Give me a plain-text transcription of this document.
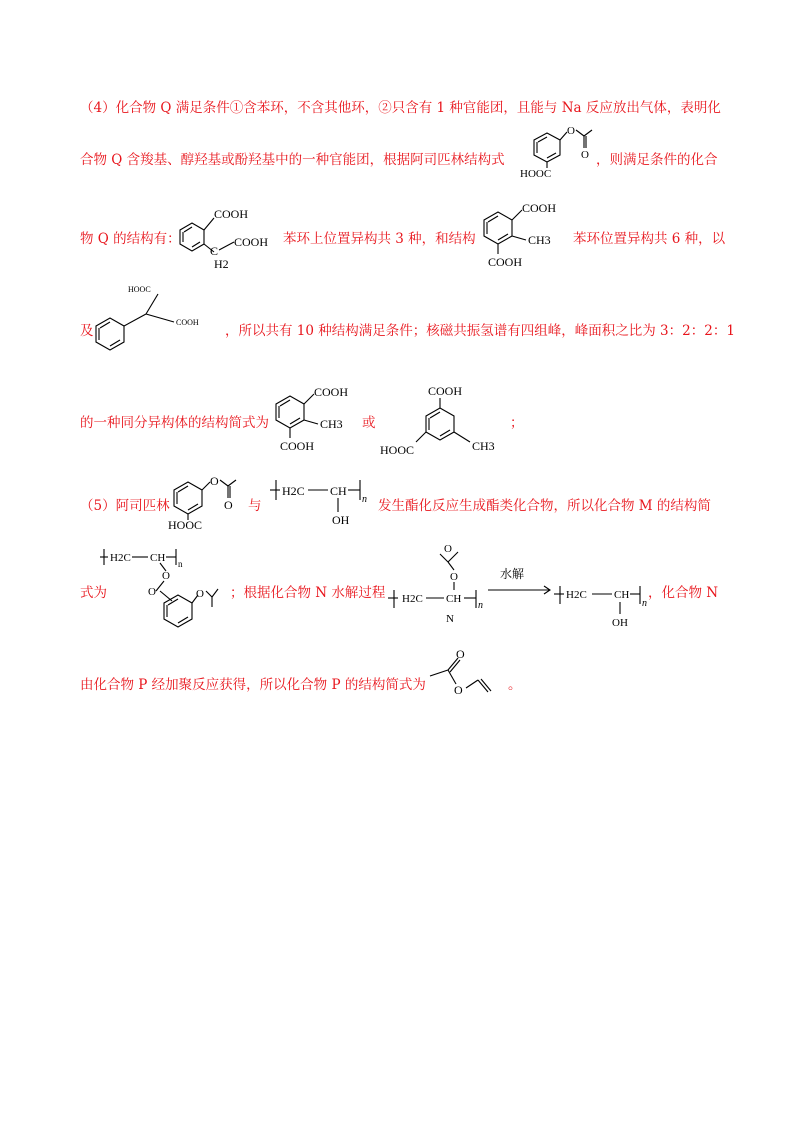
（4）化合物 Q 满足条件①含苯环，不含其他环，②只含有 1 种官能团，且能与 Na 反应放出气体，表明化
合物 Q 含羧基、醇羟基或酚羟基中的一种官能团，根据阿司匹林结构式
O
O
HOOC
，则满足条件的化合
物 Q 的结构有：
COOH
C
COOH
H2
苯环上位置异构共 3 种，和结构
COOH
CH3
COOH
苯环位置异构共 6 种，以
及
HOOC
COOH
，所以共有 10 种结构满足条件；核磁共振氢谱有四组峰，峰面积之比为 3：2：2：1
的一种同分异构体的结构简式为
COOH
CH3
COOH
或
COOH
HOOC	CH3
；
（5）阿司匹林
O
O
HOOC
与
H2C CH
n
OH
发生酯化反应生成酯类化合物，所以化合物 M 的结构简
式为
H2C CH n
O
O	O ；根据化合物 N 水解过程 H2C CH
n
O
O
N
水解
H2C CH
n
OH
，化合物 N
由化合物 P 经加聚反应获得，所以化合物 P 的结构简式为
O
O	。
